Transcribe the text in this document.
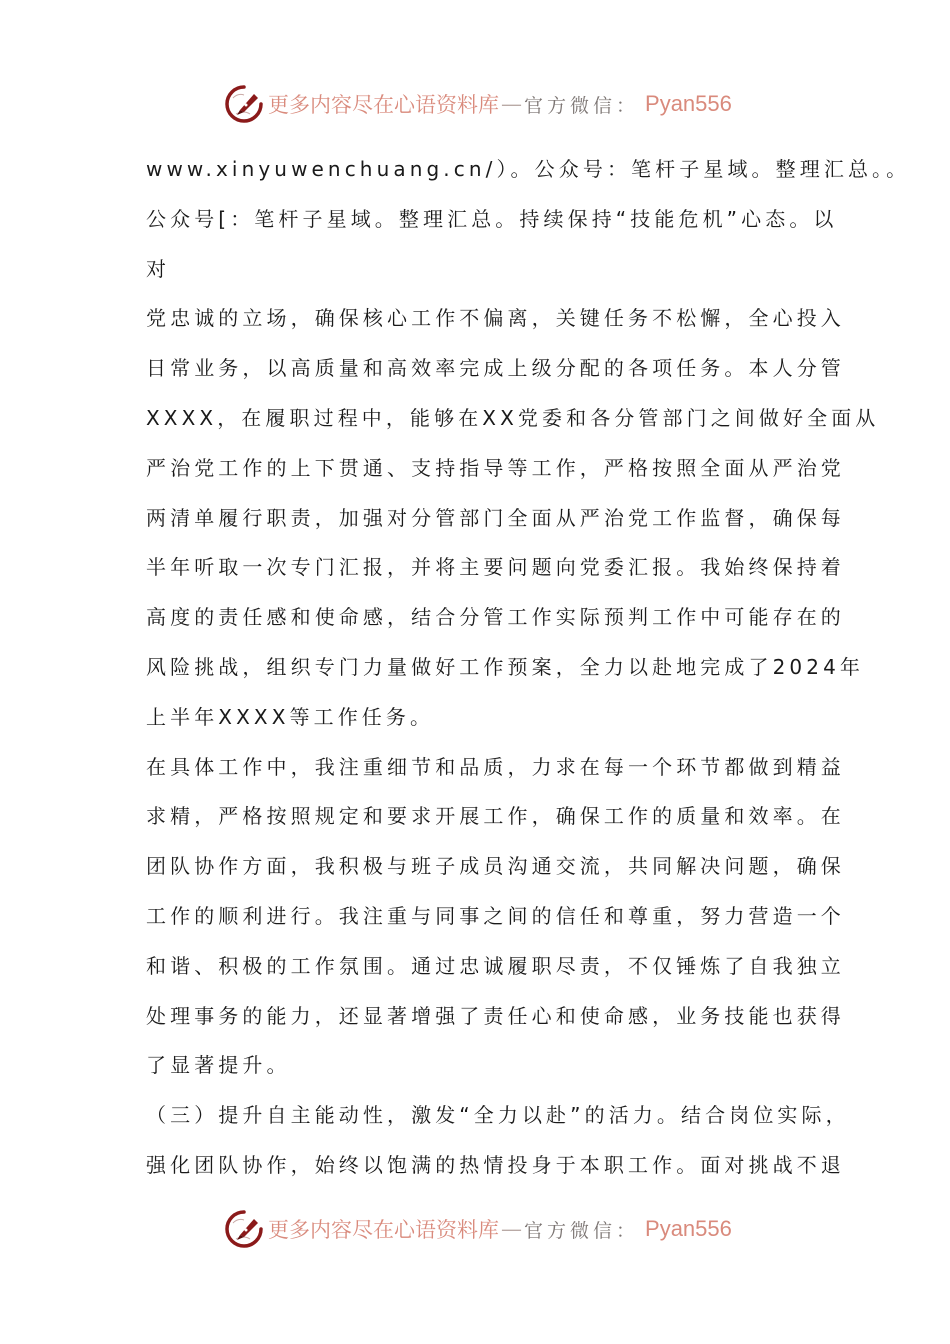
更多内容尽在心语资料库 — 官方微信： Pyan556
www.xinyuwenchuang.cn/）。公众号：笔杆子星域。整理汇总。。
公众号[：笔杆子星域。整理汇总。持续保持“技能危机”心态。以
对
党忠诚的立场，确保核心工作不偏离，关键任务不松懈，全心投入
日常业务，以高质量和高效率完成上级分配的各项任务。本人分管
XXXX，在履职过程中，能够在XX党委和各分管部门之间做好全面从
严治党工作的上下贯通、支持指导等工作，严格按照全面从严治党
两清单履行职责，加强对分管部门全面从严治党工作监督，确保每
半年听取一次专门汇报，并将主要问题向党委汇报。我始终保持着
高度的责任感和使命感，结合分管工作实际预判工作中可能存在的
风险挑战，组织专门力量做好工作预案，全力以赴地完成了2024年
上半年XXXX等工作任务。
在具体工作中，我注重细节和品质，力求在每一个环节都做到精益
求精，严格按照规定和要求开展工作，确保工作的质量和效率。在
团队协作方面，我积极与班子成员沟通交流，共同解决问题，确保
工作的顺利进行。我注重与同事之间的信任和尊重，努力营造一个
和谐、积极的工作氛围。通过忠诚履职尽责，不仅锤炼了自我独立
处理事务的能力，还显著增强了责任心和使命感，业务技能也获得
了显著提升。
（三）提升自主能动性，激发“全力以赴”的活力。结合岗位实际，
强化团队协作，始终以饱满的热情投身于本职工作。面对挑战不退
更多内容尽在心语资料库 — 官方微信： Pyan556
